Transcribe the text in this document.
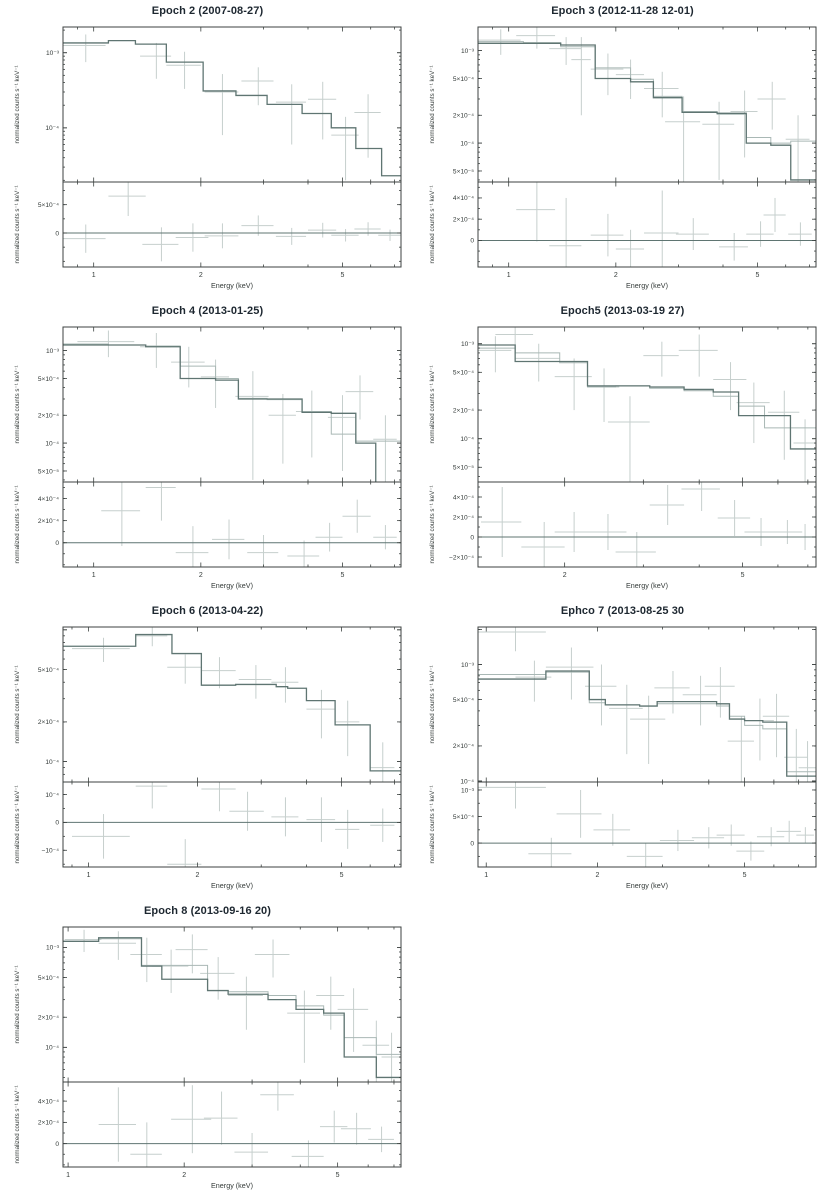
Epoch 2 (2007-08-27)
10⁻³
10⁻⁴
5×10⁻⁴
0
1	2	5
Energy (keV)
normalized counts s⁻¹ keV⁻¹
normalized counts s⁻¹ keV⁻¹
Epoch 3 (2012-11-28 12-01)
10⁻³
5×10⁻⁴
2×10⁻⁴
10⁻⁴
5×10⁻⁵
4×10⁻⁴
2×10⁻⁴
0
1	2	5
Energy (keV)
normalized counts s⁻¹ keV⁻¹
normalized counts s⁻¹ keV⁻¹
Epoch 4 (2013-01-25)
10⁻³
5×10⁻⁴
2×10⁻⁴
10⁻⁴
5×10⁻⁵
4×10⁻⁴
2×10⁻⁴
0
1	2	5
Energy (keV)
normalized counts s⁻¹ keV⁻¹
normalized counts s⁻¹ keV⁻¹
Epoch5 (2013-03-19 27)
10⁻³
5×10⁻⁴
2×10⁻⁴
10⁻⁴
5×10⁻⁵
4×10⁻⁴
2×10⁻⁴
0
−2×10⁻⁴
2	5
Energy (keV)
normalized counts s⁻¹ keV⁻¹
normalized counts s⁻¹ keV⁻¹
Epoch 6 (2013-04-22)
5×10⁻⁴
2×10⁻⁴
10⁻⁴
10⁻⁴
0
−10⁻⁴
1	2	5
Energy (keV)
normalized counts s⁻¹ keV⁻¹
normalized counts s⁻¹ keV⁻¹
Ephco 7 (2013-08-25 30
10⁻³
5×10⁻⁴
2×10⁻⁴
10⁻⁴
10⁻³
5×10⁻⁴
0
1	2	5
Energy (keV)
normalized counts s⁻¹ keV⁻¹
normalized counts s⁻¹ keV⁻¹
Epoch 8 (2013-09-16 20)
10⁻³
5×10⁻⁴
2×10⁻⁴
10⁻⁴
4×10⁻⁴
2×10⁻⁴
0
1	2	5
Energy (keV)
normalized counts s⁻¹ keV⁻¹
normalized counts s⁻¹ keV⁻¹
